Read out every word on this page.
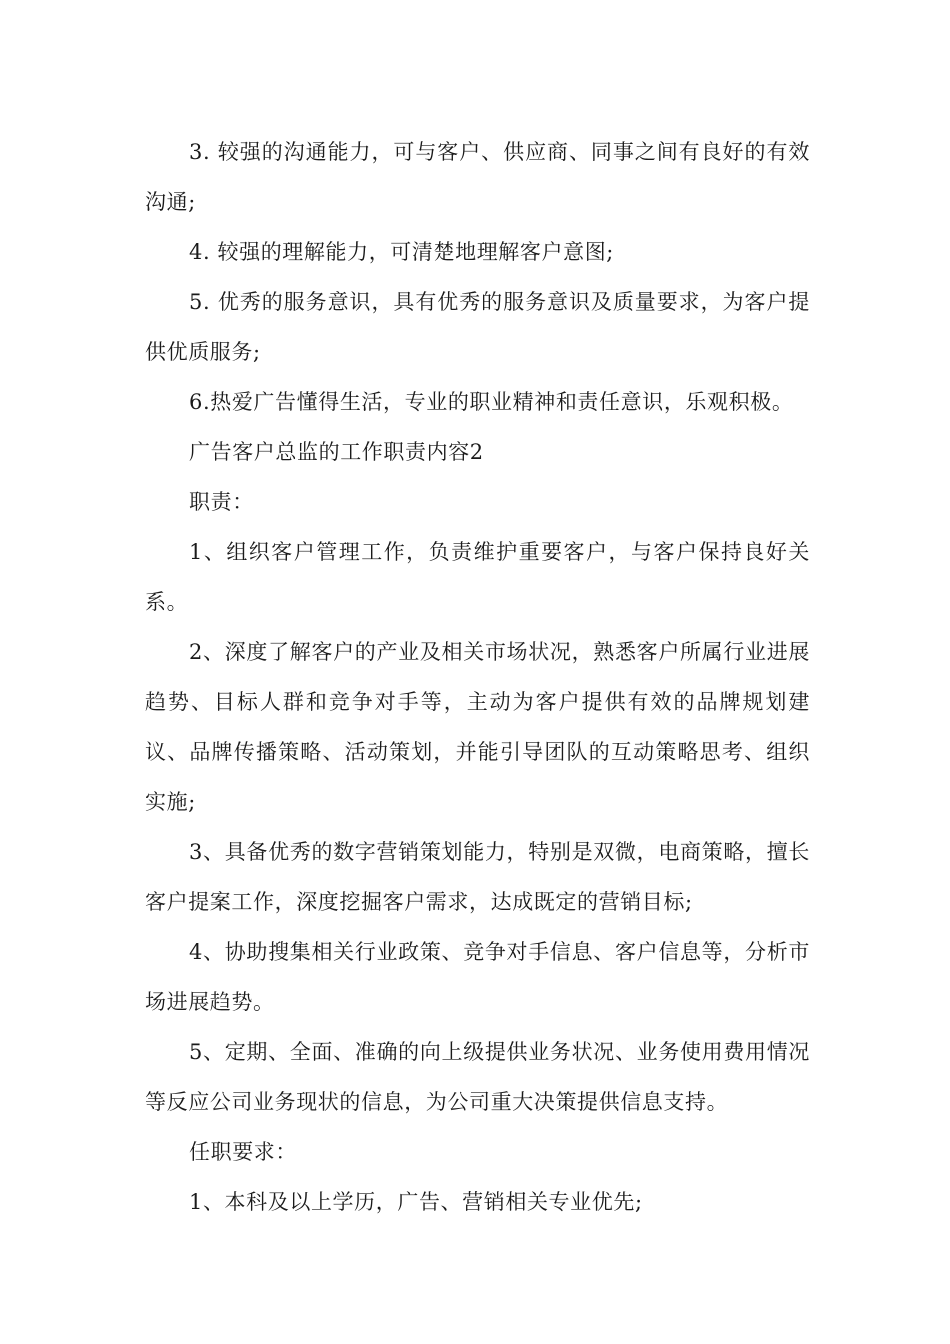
3. 较强的沟通能力，可与客户、供应商、同事之间有良好的有效沟通;

4. 较强的理解能力，可清楚地理解客户意图;

5. 优秀的服务意识，具有优秀的服务意识及质量要求，为客户提供优质服务;

6.热爱广告懂得生活，专业的职业精神和责任意识，乐观积极。

广告客户总监的工作职责内容2

职责：

1、组织客户管理工作，负责维护重要客户，与客户保持良好关系。

2、深度了解客户的产业及相关市场状况，熟悉客户所属行业进展趋势、目标人群和竞争对手等，主动为客户提供有效的品牌规划建议、品牌传播策略、活动策划，并能引导团队的互动策略思考、组织实施;

3、具备优秀的数字营销策划能力，特别是双微，电商策略，擅长客户提案工作，深度挖掘客户需求，达成既定的营销目标;

4、协助搜集相关行业政策、竞争对手信息、客户信息等，分析市场进展趋势。

5、定期、全面、准确的向上级提供业务状况、业务使用费用情况等反应公司业务现状的信息，为公司重大决策提供信息支持。

任职要求：

1、本科及以上学历，广告、营销相关专业优先;
